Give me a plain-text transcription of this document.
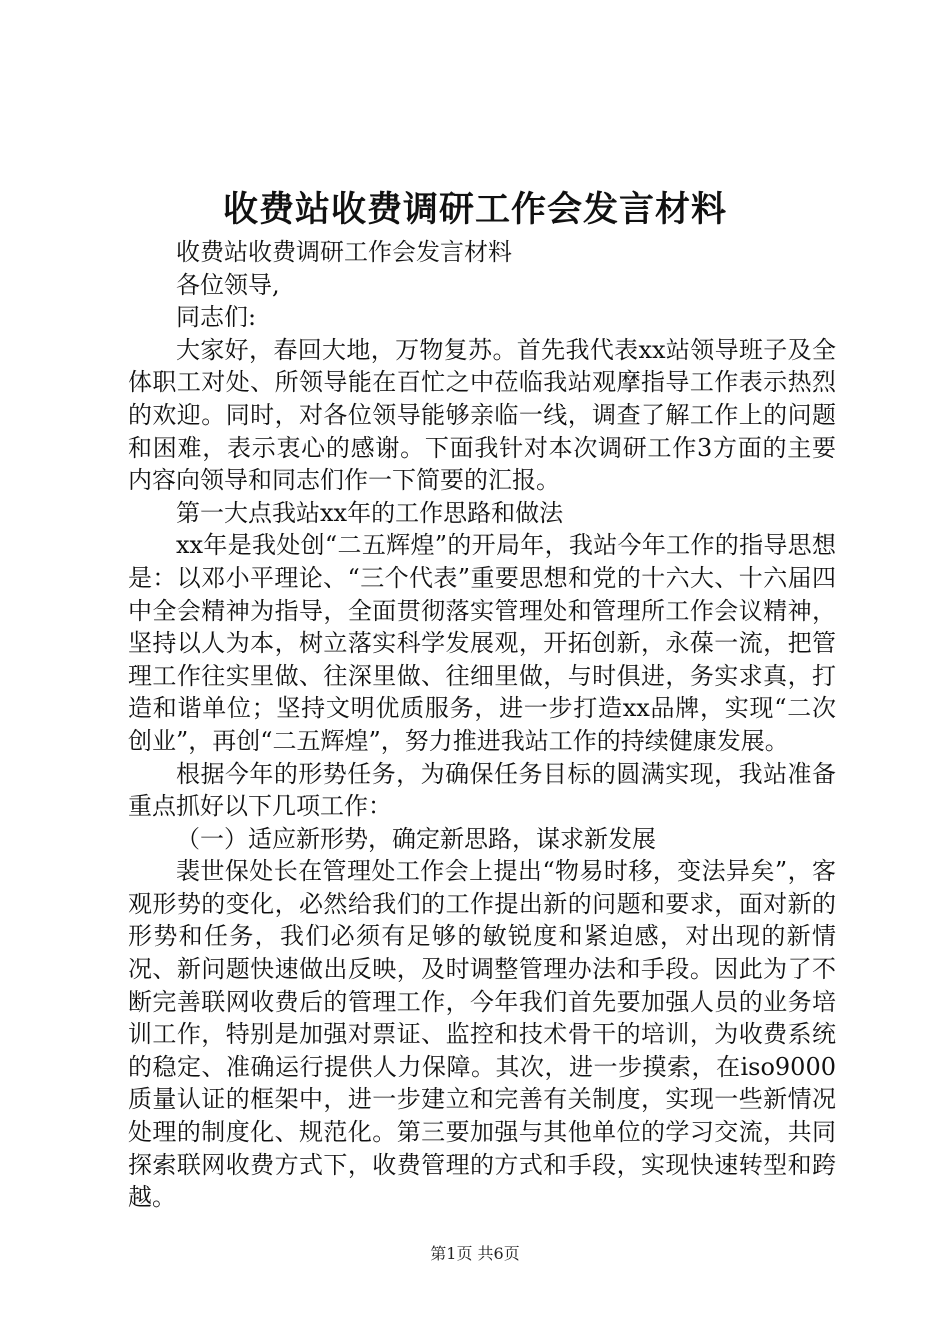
收费站收费调研工作会发言材料

收费站收费调研工作会发言材料

各位领导,

同志们:

大家好，春回大地，万物复苏。首先我代表xx站领导班子及全体职工对处、所领导能在百忙之中莅临我站观摩指导工作表示热烈的欢迎。同时，对各位领导能够亲临一线，调查了解工作上的问题和困难，表示衷心的感谢。下面我针对本次调研工作3方面的主要内容向领导和同志们作一下简要的汇报。

第一大点我站xx年的工作思路和做法

xx年是我处创“二五辉煌”的开局年，我站今年工作的指导思想是：以邓小平理论、“三个代表”重要思想和党的十六大、十六届四中全会精神为指导，全面贯彻落实管理处和管理所工作会议精神，坚持以人为本，树立落实科学发展观，开拓创新，永葆一流，把管理工作往实里做、往深里做、往细里做，与时俱进，务实求真，打造和谐单位；坚持文明优质服务，进一步打造xx品牌，实现“二次创业”，再创“二五辉煌”，努力推进我站工作的持续健康发展。

根据今年的形势任务，为确保任务目标的圆满实现，我站准备重点抓好以下几项工作：

（一）适应新形势，确定新思路，谋求新发展

裴世保处长在管理处工作会上提出“物易时移，变法异矣”，客观形势的变化，必然给我们的工作提出新的问题和要求，面对新的形势和任务，我们必须有足够的敏锐度和紧迫感，对出现的新情况、新问题快速做出反映，及时调整管理办法和手段。因此为了不断完善联网收费后的管理工作，今年我们首先要加强人员的业务培训工作，特别是加强对票证、监控和技术骨干的培训，为收费系统的稳定、准确运行提供人力保障。其次，进一步摸索，在iso9000质量认证的框架中，进一步建立和完善有关制度，实现一些新情况处理的制度化、规范化。第三要加强与其他单位的学习交流，共同探索联网收费方式下，收费管理的方式和手段，实现快速转型和跨越。

第1页 共6页
